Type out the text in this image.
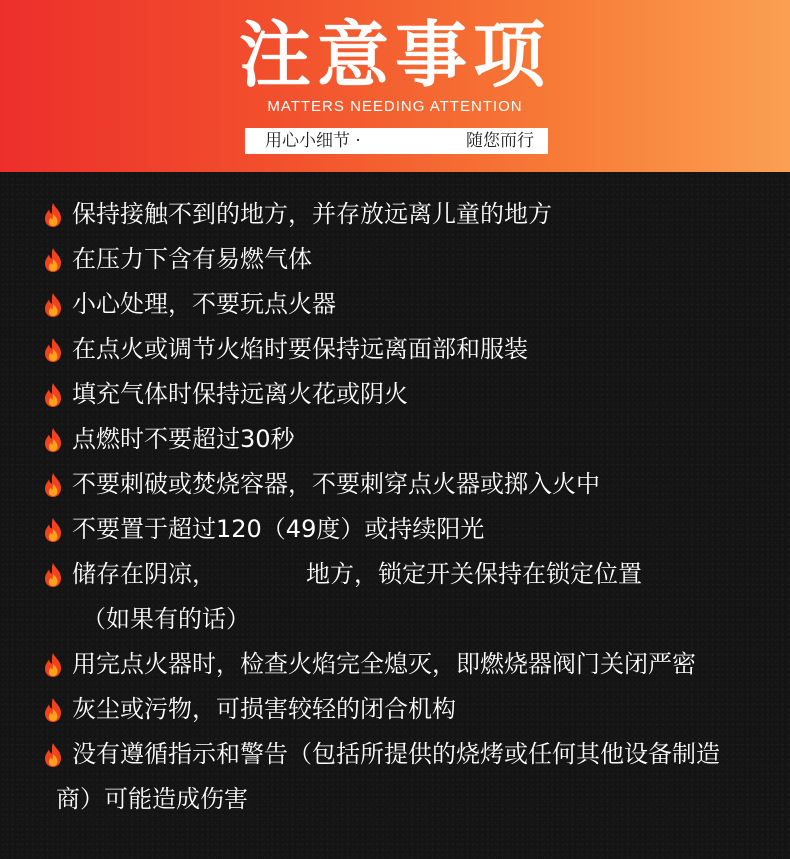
注意事项
MATTERS NEEDING ATTENTION
用心小细节 ·	随您而行
保持接触不到的地方，并存放远离儿童的地方
在压力下含有易燃气体
小心处理，不要玩点火器
在点火或调节火焰时要保持远离面部和服装
填充气体时保持远离火花或阴火
点燃时不要超过30秒
不要刺破或焚烧容器，不要刺穿点火器或掷入火中
不要置于超过120（49度）或持续阳光
储存在阴凉，	地方，锁定开关保持在锁定位置
（如果有的话）
用完点火器时，检查火焰完全熄灭，即燃烧器阀门关闭严密
灰尘或污物，可损害较轻的闭合机构
没有遵循指示和警告（包括所提供的烧烤或任何其他设备制造
商）可能造成伤害
